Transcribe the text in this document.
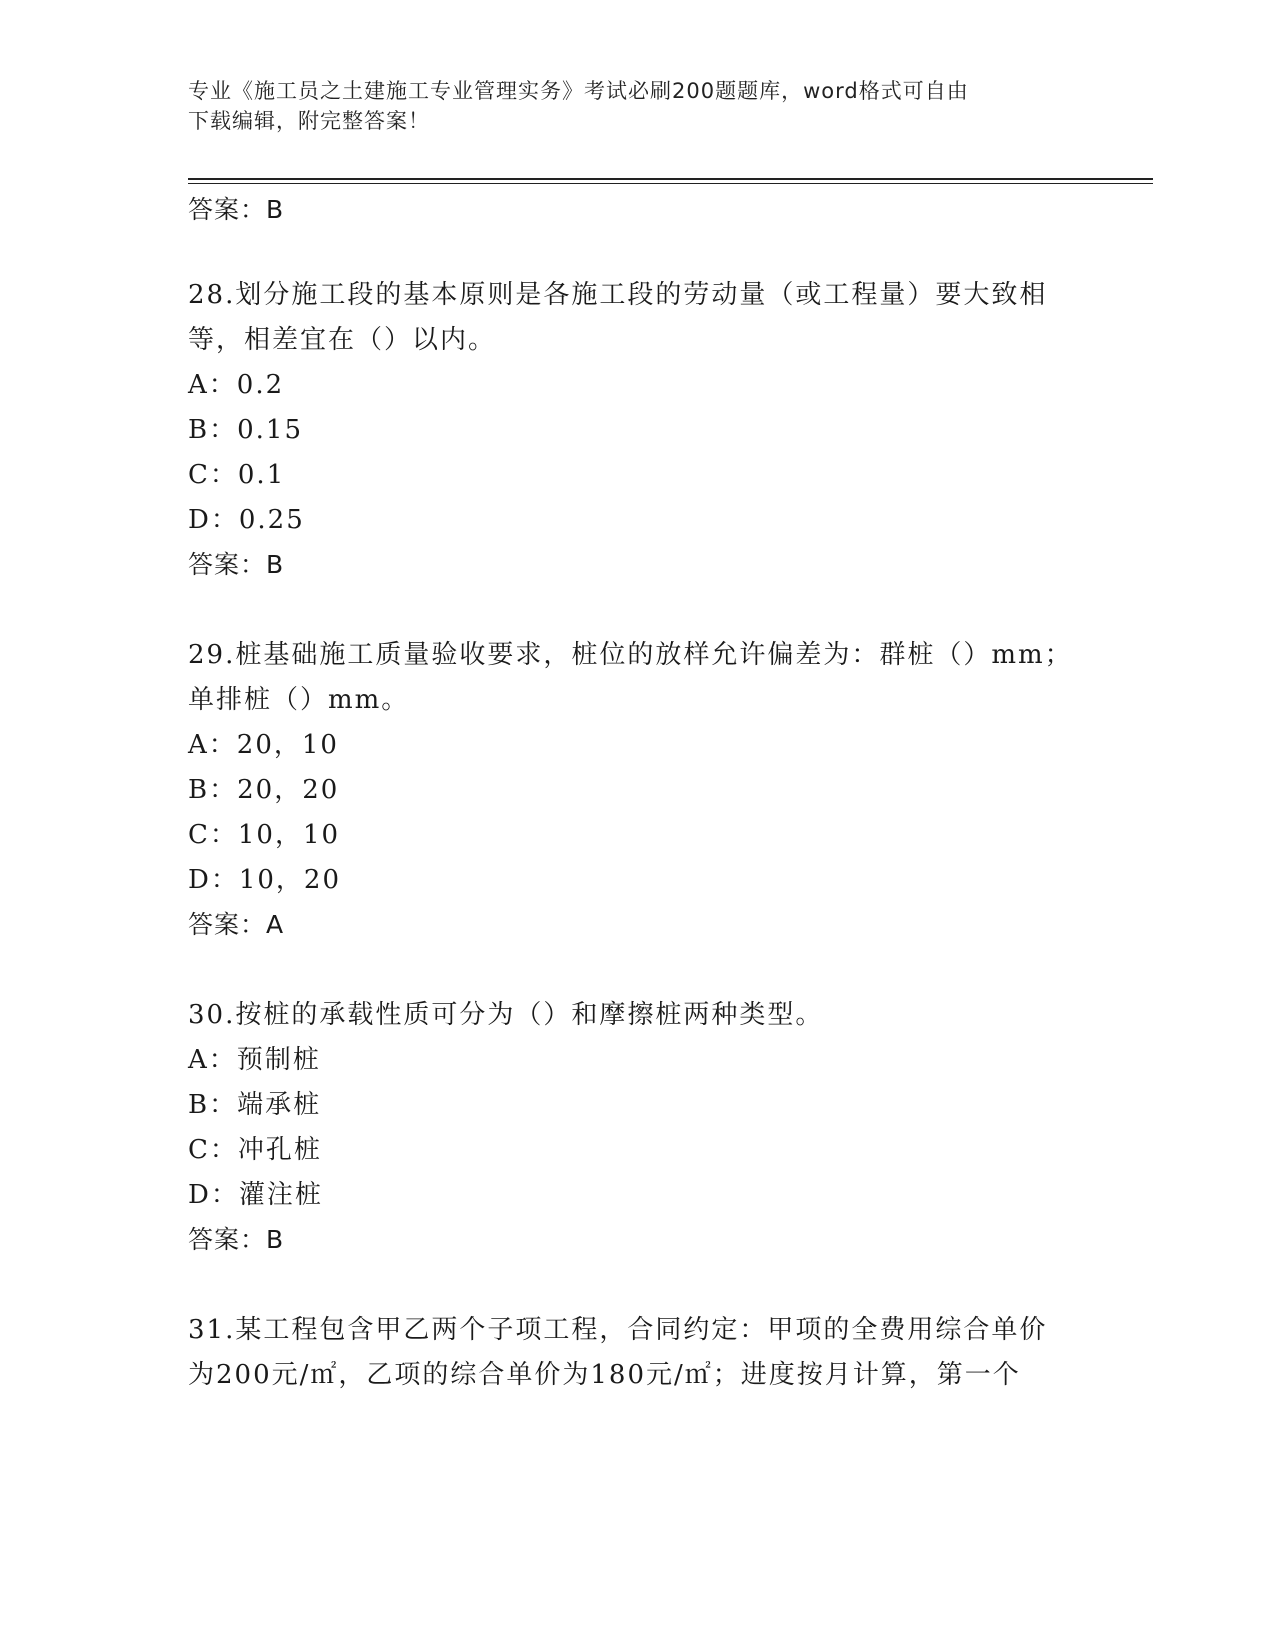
专业《施工员之土建施工专业管理实务》考试必刷200题题库，word格式可自由
下载编辑，附完整答案！
答案：B
28.划分施工段的基本原则是各施工段的劳动量（或工程量）要大致相
等，相差宜在（）以内。
A：0.2
B：0.15
C：0.1
D：0.25
答案：B
29.桩基础施工质量验收要求，桩位的放样允许偏差为：群桩（）mm；
单排桩（）mm。
A：20，10
B：20，20
C：10，10
D：10，20
答案：A
30.按桩的承载性质可分为（）和摩擦桩两种类型。
A：预制桩
B：端承桩
C：冲孔桩
D：灌注桩
答案：B
31.某工程包含甲乙两个子项工程，合同约定：甲项的全费用综合单价
为200元/㎡，乙项的综合单价为180元/㎡；进度按月计算，第一个
